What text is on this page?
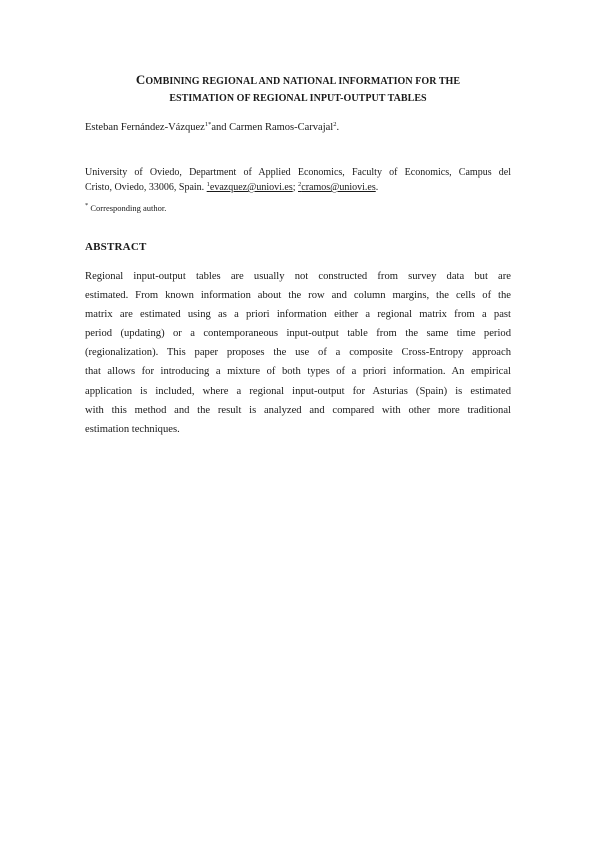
COMBINING REGIONAL AND NATIONAL INFORMATION FOR THE
ESTIMATION OF REGIONAL INPUT-OUTPUT TABLES
Esteban Fernández-Vázquez$^{1*}$and Carmen Ramos-Carvajal$^2$.
University of Oviedo, Department of Applied Economics, Faculty of Economics, Campus del
Cristo, Oviedo, 33006, Spain. $^1$evazquez@uniovi.es; $^2$cramos@uniovi.es.
* Corresponding author.
ABSTRACT
Regional input-output tables are usually not constructed from survey data but are
estimated. From known information about the row and column margins, the cells of the
matrix are estimated using as a priori information either a regional matrix from a past
period (updating) or a contemporaneous input-output table from the same time period
(regionalization). This paper proposes the use of a composite Cross-Entropy approach
that allows for introducing a mixture of both types of a priori information. An empirical
application is included, where a regional input-output for Asturias (Spain) is estimated
with this method and the result is analyzed and compared with other more traditional
estimation techniques.
